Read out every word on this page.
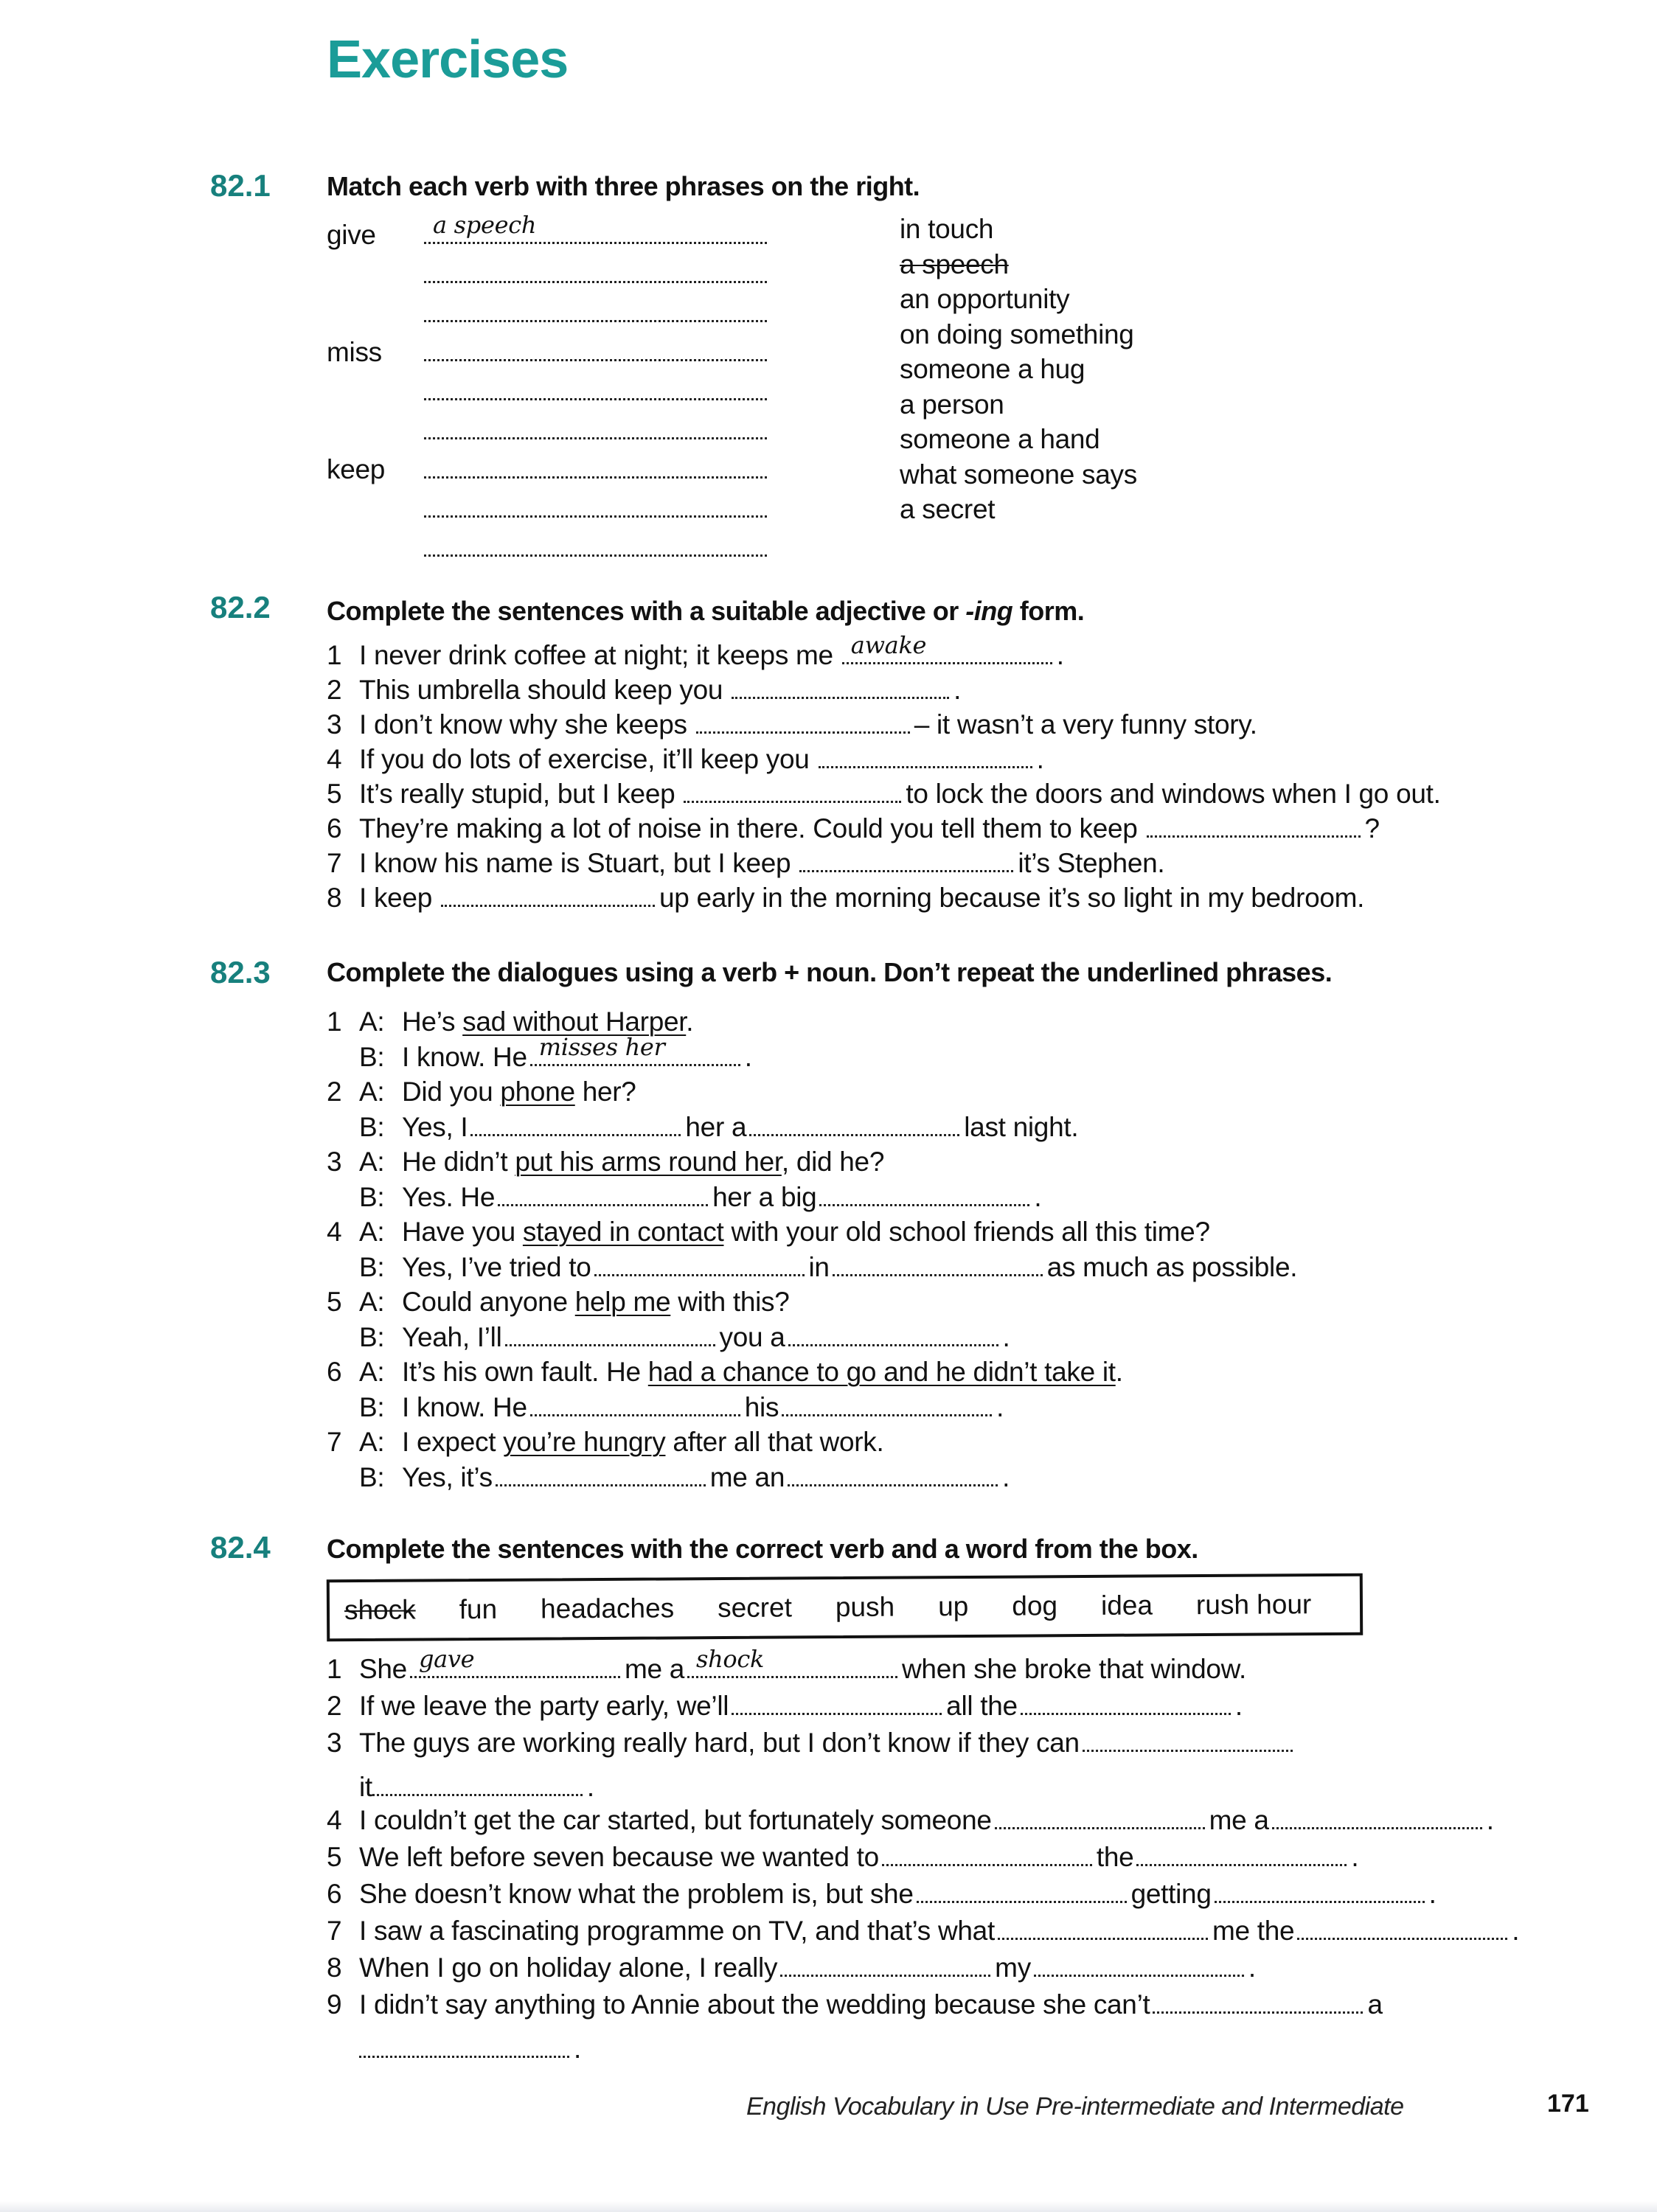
Exercises
82.1 Match each verb with three phrases on the right.
give a speech
miss
keep
in touch
a speech
an opportunity
on doing something
someone a hug
a person
someone a hand
what someone says
a secret
82.2 Complete the sentences with a suitable adjective or -ing form.
1 I never drink coffee at night; it keeps me awake	.
2 This umbrella should keep you	.
3 I don’t know why she keeps	– it wasn’t a very funny story.
4 If you do lots of exercise, it’ll keep you	.
5 It’s really stupid, but I keep	to lock the doors and windows when I go out.
6 They’re making a lot of noise in there. Could you tell them to keep	?
7 I know his name is Stuart, but I keep	it’s Stephen.
8 I keep	up early in the morning because it’s so light in my bedroom.
82.3 Complete the dialogues using a verb + noun. Don’t repeat the underlined phrases.
1 A: He’s sad without Harper.
B: I know. He misses her	.
2 A: Did you phone her?
B: Yes, I	her a	last night.
3 A: He didn’t put his arms round her, did he?
B: Yes. He	her a big	.
4 A: Have you stayed in contact with your old school friends all this time?
B: Yes, I’ve tried to	in	as much as possible.
5 A: Could anyone help me with this?
B: Yeah, I’ll	you a	.
6 A: It’s his own fault. He had a chance to go and he didn’t take it.
B: I know. He	his	.
7 A: I expect you’re hungry after all that work.
B: Yes, it’s	me an	.
82.4 Complete the sentences with the correct verb and a word from the box.
shock fun headaches secret push up dog idea rush hour
1 She gave	me a shock	when she broke that window.
2 If we leave the party early, we’ll	all the	.
3 The guys are working really hard, but I don’t know if they can
it	.
4 I couldn’t get the car started, but fortunately someone	me a	.
5 We left before seven because we wanted to	the	.
6 She doesn’t know what the problem is, but she	getting	.
7 I saw a fascinating programme on TV, and that’s what	me the	.
8 When I go on holiday alone, I really	my	.
9 I didn’t say anything to Annie about the wedding because she can’t	a
.
English Vocabulary in Use Pre-intermediate and Intermediate	171
